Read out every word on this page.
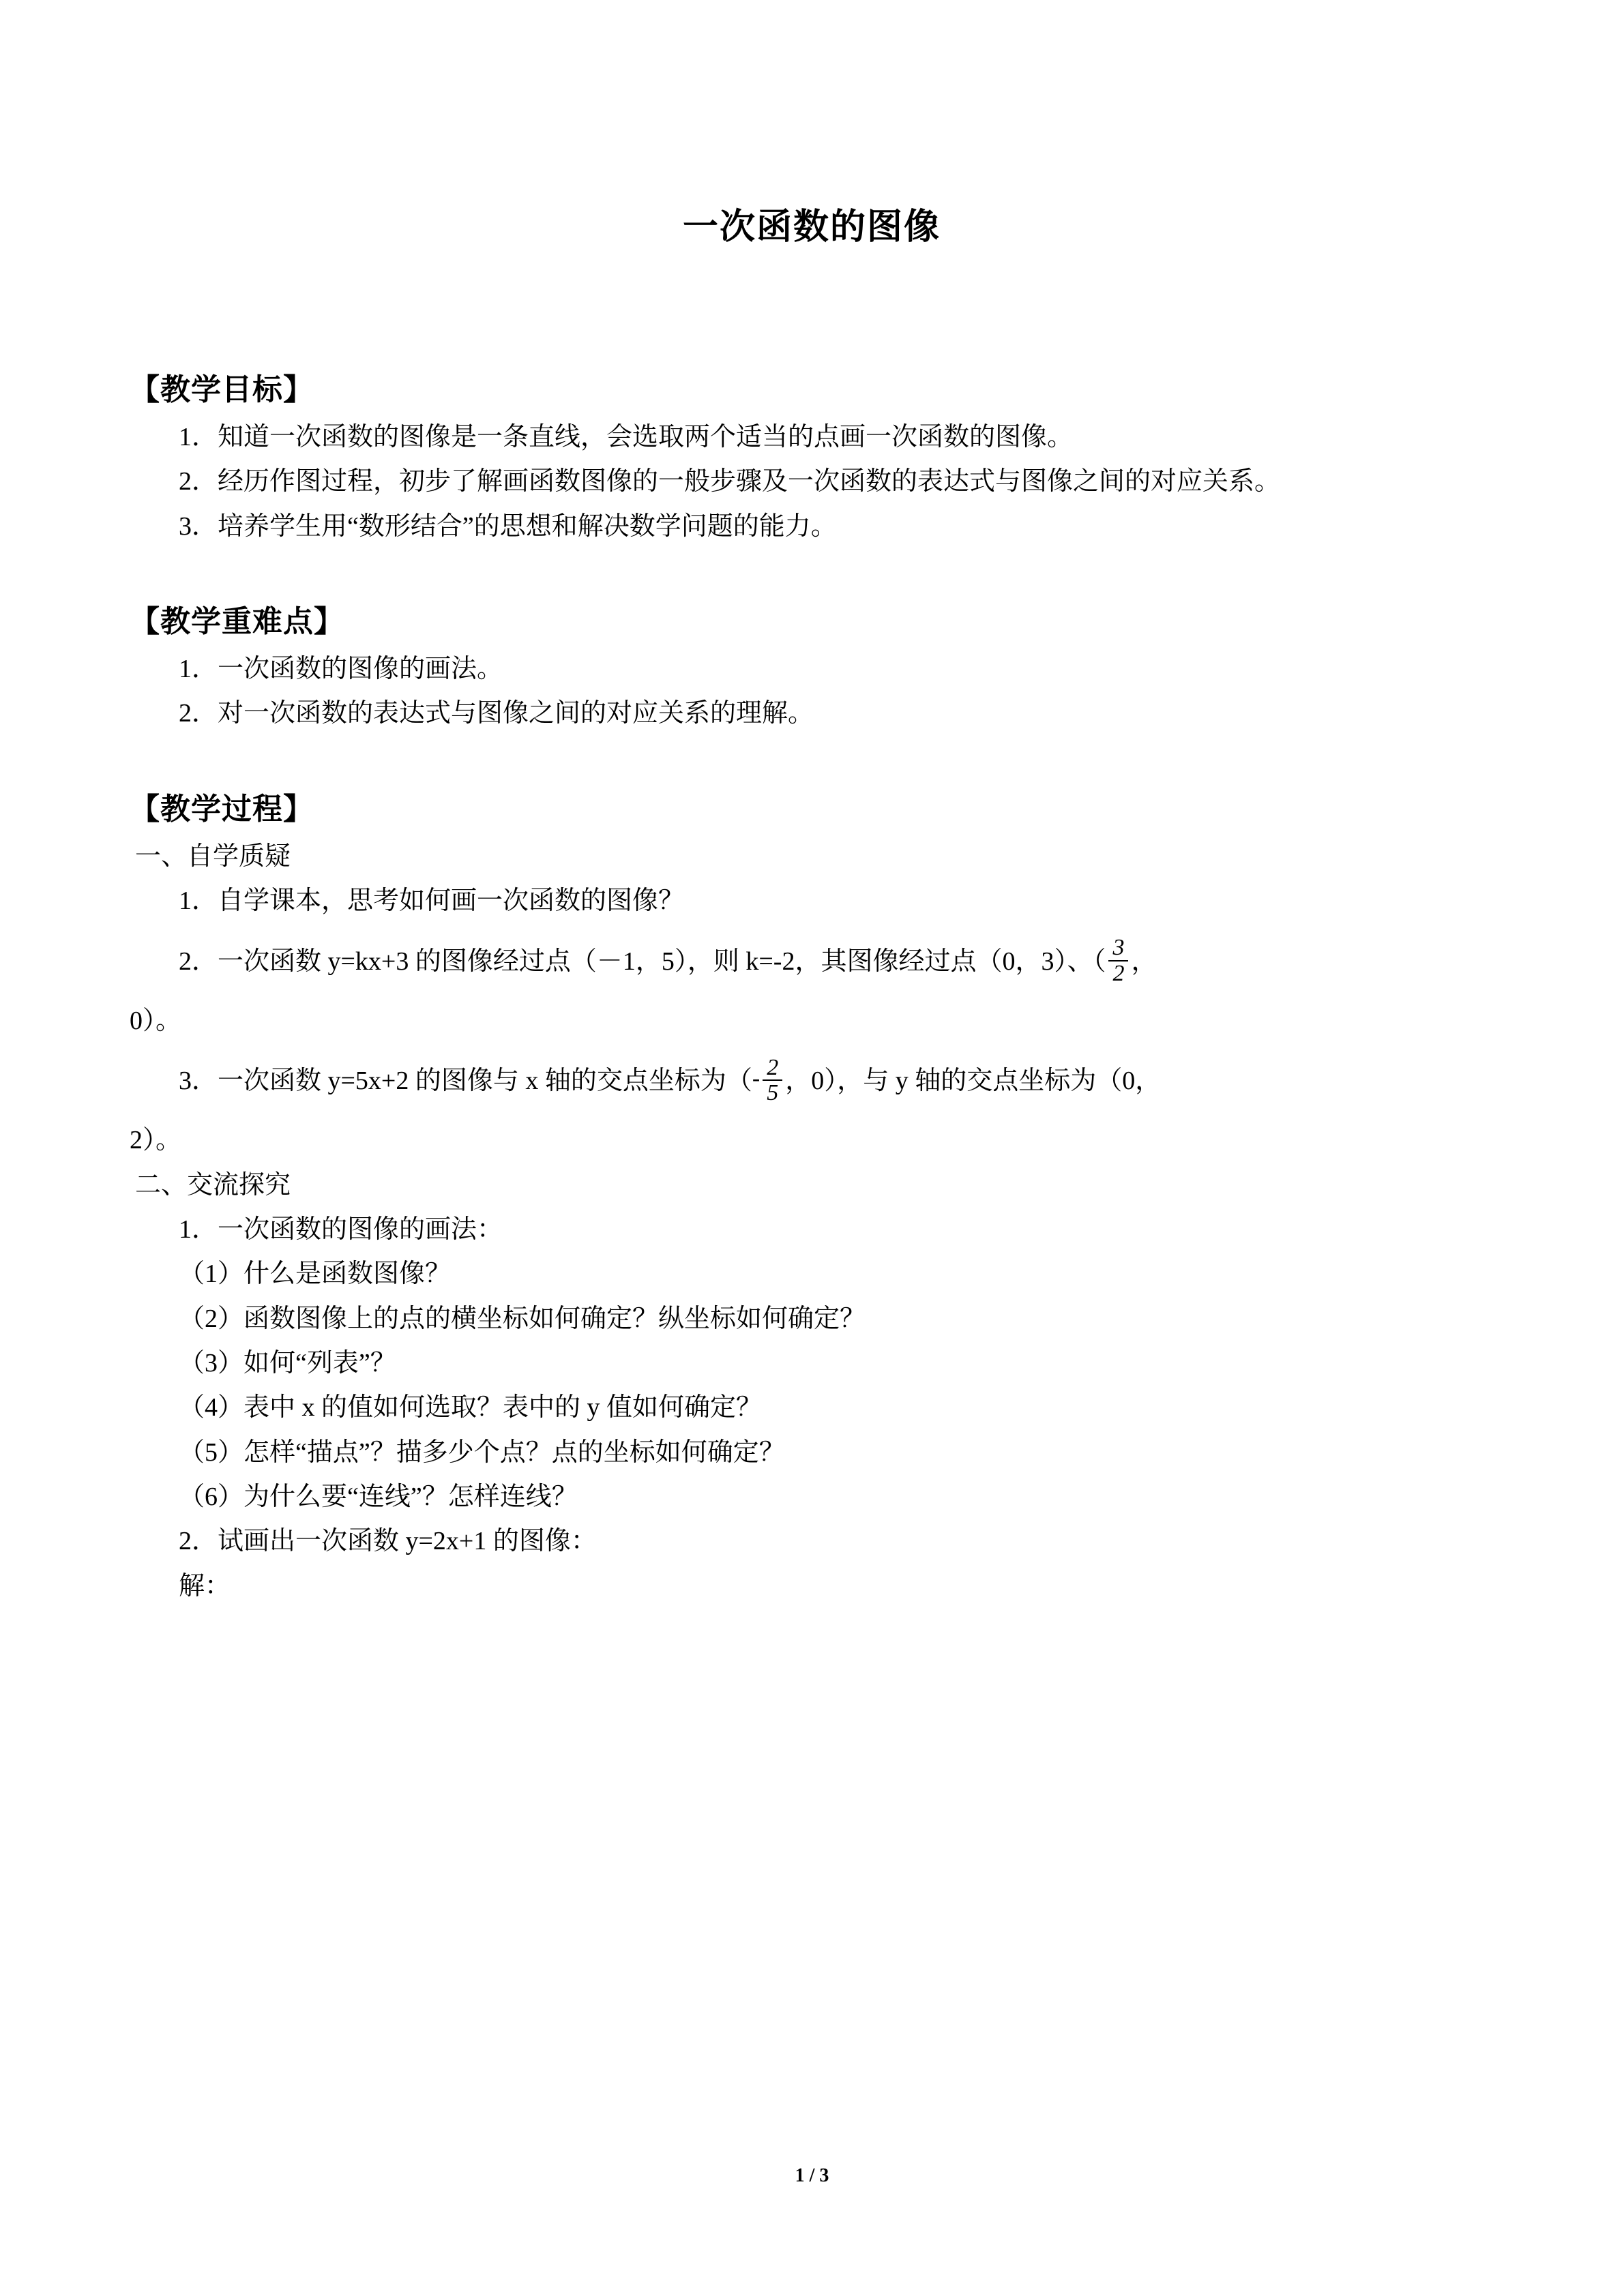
一次函数的图像
【教学目标】

1．知道一次函数的图像是一条直线，会选取两个适当的点画一次函数的图像。

2．经历作图过程，初步了解画函数图像的一般步骤及一次函数的表达式与图像之间的对应关系。

3．培养学生用“数形结合”的思想和解决数学问题的能力。

【教学重难点】

1．一次函数的图像的画法。

2．对一次函数的表达式与图像之间的对应关系的理解。

【教学过程】

一、自学质疑

1．自学课本，思考如何画一次函数的图像？

2．一次函数 y=kx+3 的图像经过点（－1，5），则 k=-2，其图像经过点（0，3）、（ $\frac{3}{2}$ ，

0）。

3．一次函数 y=5x+2 的图像与 x 轴的交点坐标为（- $\frac{2}{5}$ ，0），与 y 轴的交点坐标为（0，

2）。

二、交流探究

1．一次函数的图像的画法：

（1）什么是函数图像？

（2）函数图像上的点的横坐标如何确定？纵坐标如何确定？

（3）如何“列表”？

（4）表中 x 的值如何选取？表中的 y 值如何确定？

（5）怎样“描点”？描多少个点？点的坐标如何确定？

（6）为什么要“连线”？怎样连线？

2．试画出一次函数 y=2x+1 的图像：

解：

1 / 3
